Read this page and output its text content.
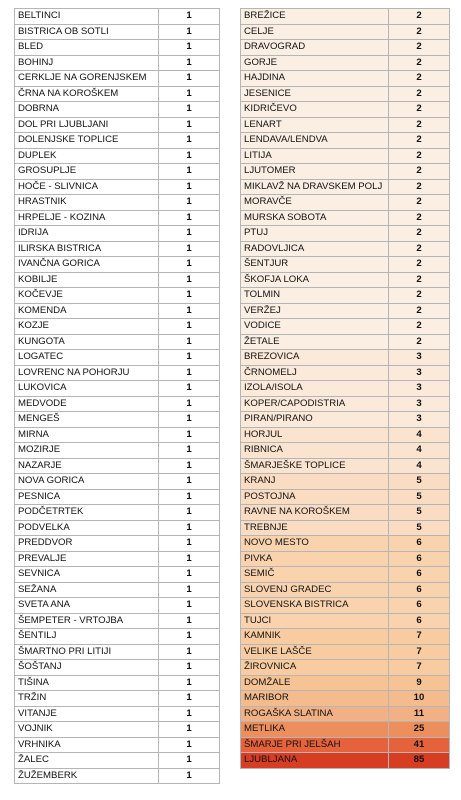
BELTINCI	1
BISTRICA OB SOTLI	1
BLED	1
BOHINJ	1
CERKLJE NA GORENJSKEM	1
ČRNA NA KOROŠKEM	1
DOBRNA	1
DOL PRI LJUBLJANI	1
DOLENJSKE TOPLICE	1
DUPLEK	1
GROSUPLJE	1
HOČE - SLIVNICA	1
HRASTNIK	1
HRPELJE - KOZINA	1
IDRIJA	1
ILIRSKA BISTRICA	1
IVANČNA GORICA	1
KOBILJE	1
KOČEVJE	1
KOMENDA	1
KOZJE	1
KUNGOTA	1
LOGATEC	1
LOVRENC NA POHORJU	1
LUKOVICA	1
MEDVODE	1
MENGEŠ	1
MIRNA	1
MOZIRJE	1
NAZARJE	1
NOVA GORICA	1
PESNICA	1
PODČETRTEK	1
PODVELKA	1
PREDDVOR	1
PREVALJE	1
SEVNICA	1
SEŽANA	1
SVETA ANA	1
ŠEMPETER - VRTOJBA	1
ŠENTILJ	1
ŠMARTNO PRI LITIJI	1
ŠOŠTANJ	1
TIŠINA	1
TRŽIN	1
VITANJE	1
VOJNIK	1
VRHNIKA	1
ŽALEC	1
ŽUŽEMBERK	1
BREŽICE	2
CELJE	2
DRAVOGRAD	2
GORJE	2
HAJDINA	2
JESENICE	2
KIDRIČEVO	2
LENART	2
LENDAVA/LENDVA	2
LITIJA	2
LJUTOMER	2
MIKLAVŽ NA DRAVSKEM POLJ	2
MORAVČE	2
MURSKA SOBOTA	2
PTUJ	2
RADOVLJICA	2
ŠENTJUR	2
ŠKOFJA LOKA	2
TOLMIN	2
VERŽEJ	2
VODICE	2
ŽETALE	2
BREZOVICA	3
ČRNOMELJ	3
IZOLA/ISOLA	3
KOPER/CAPODISTRIA	3
PIRAN/PIRANO	3
HORJUL	4
RIBNICA	4
ŠMARJEŠKE TOPLICE	4
KRANJ	5
POSTOJNA	5
RAVNE NA KOROŠKEM	5
TREBNJE	5
NOVO MESTO	6
PIVKA	6
SEMIČ	6
SLOVENJ GRADEC	6
SLOVENSKA BISTRICA	6
TUJCI	6
KAMNIK	7
VELIKE LAŠČE	7
ŽIROVNICA	7
DOMŽALE	9
MARIBOR	10
ROGAŠKA SLATINA	11
METLIKA	25
ŠMARJE PRI JELŠAH	41
LJUBLJANA	85
